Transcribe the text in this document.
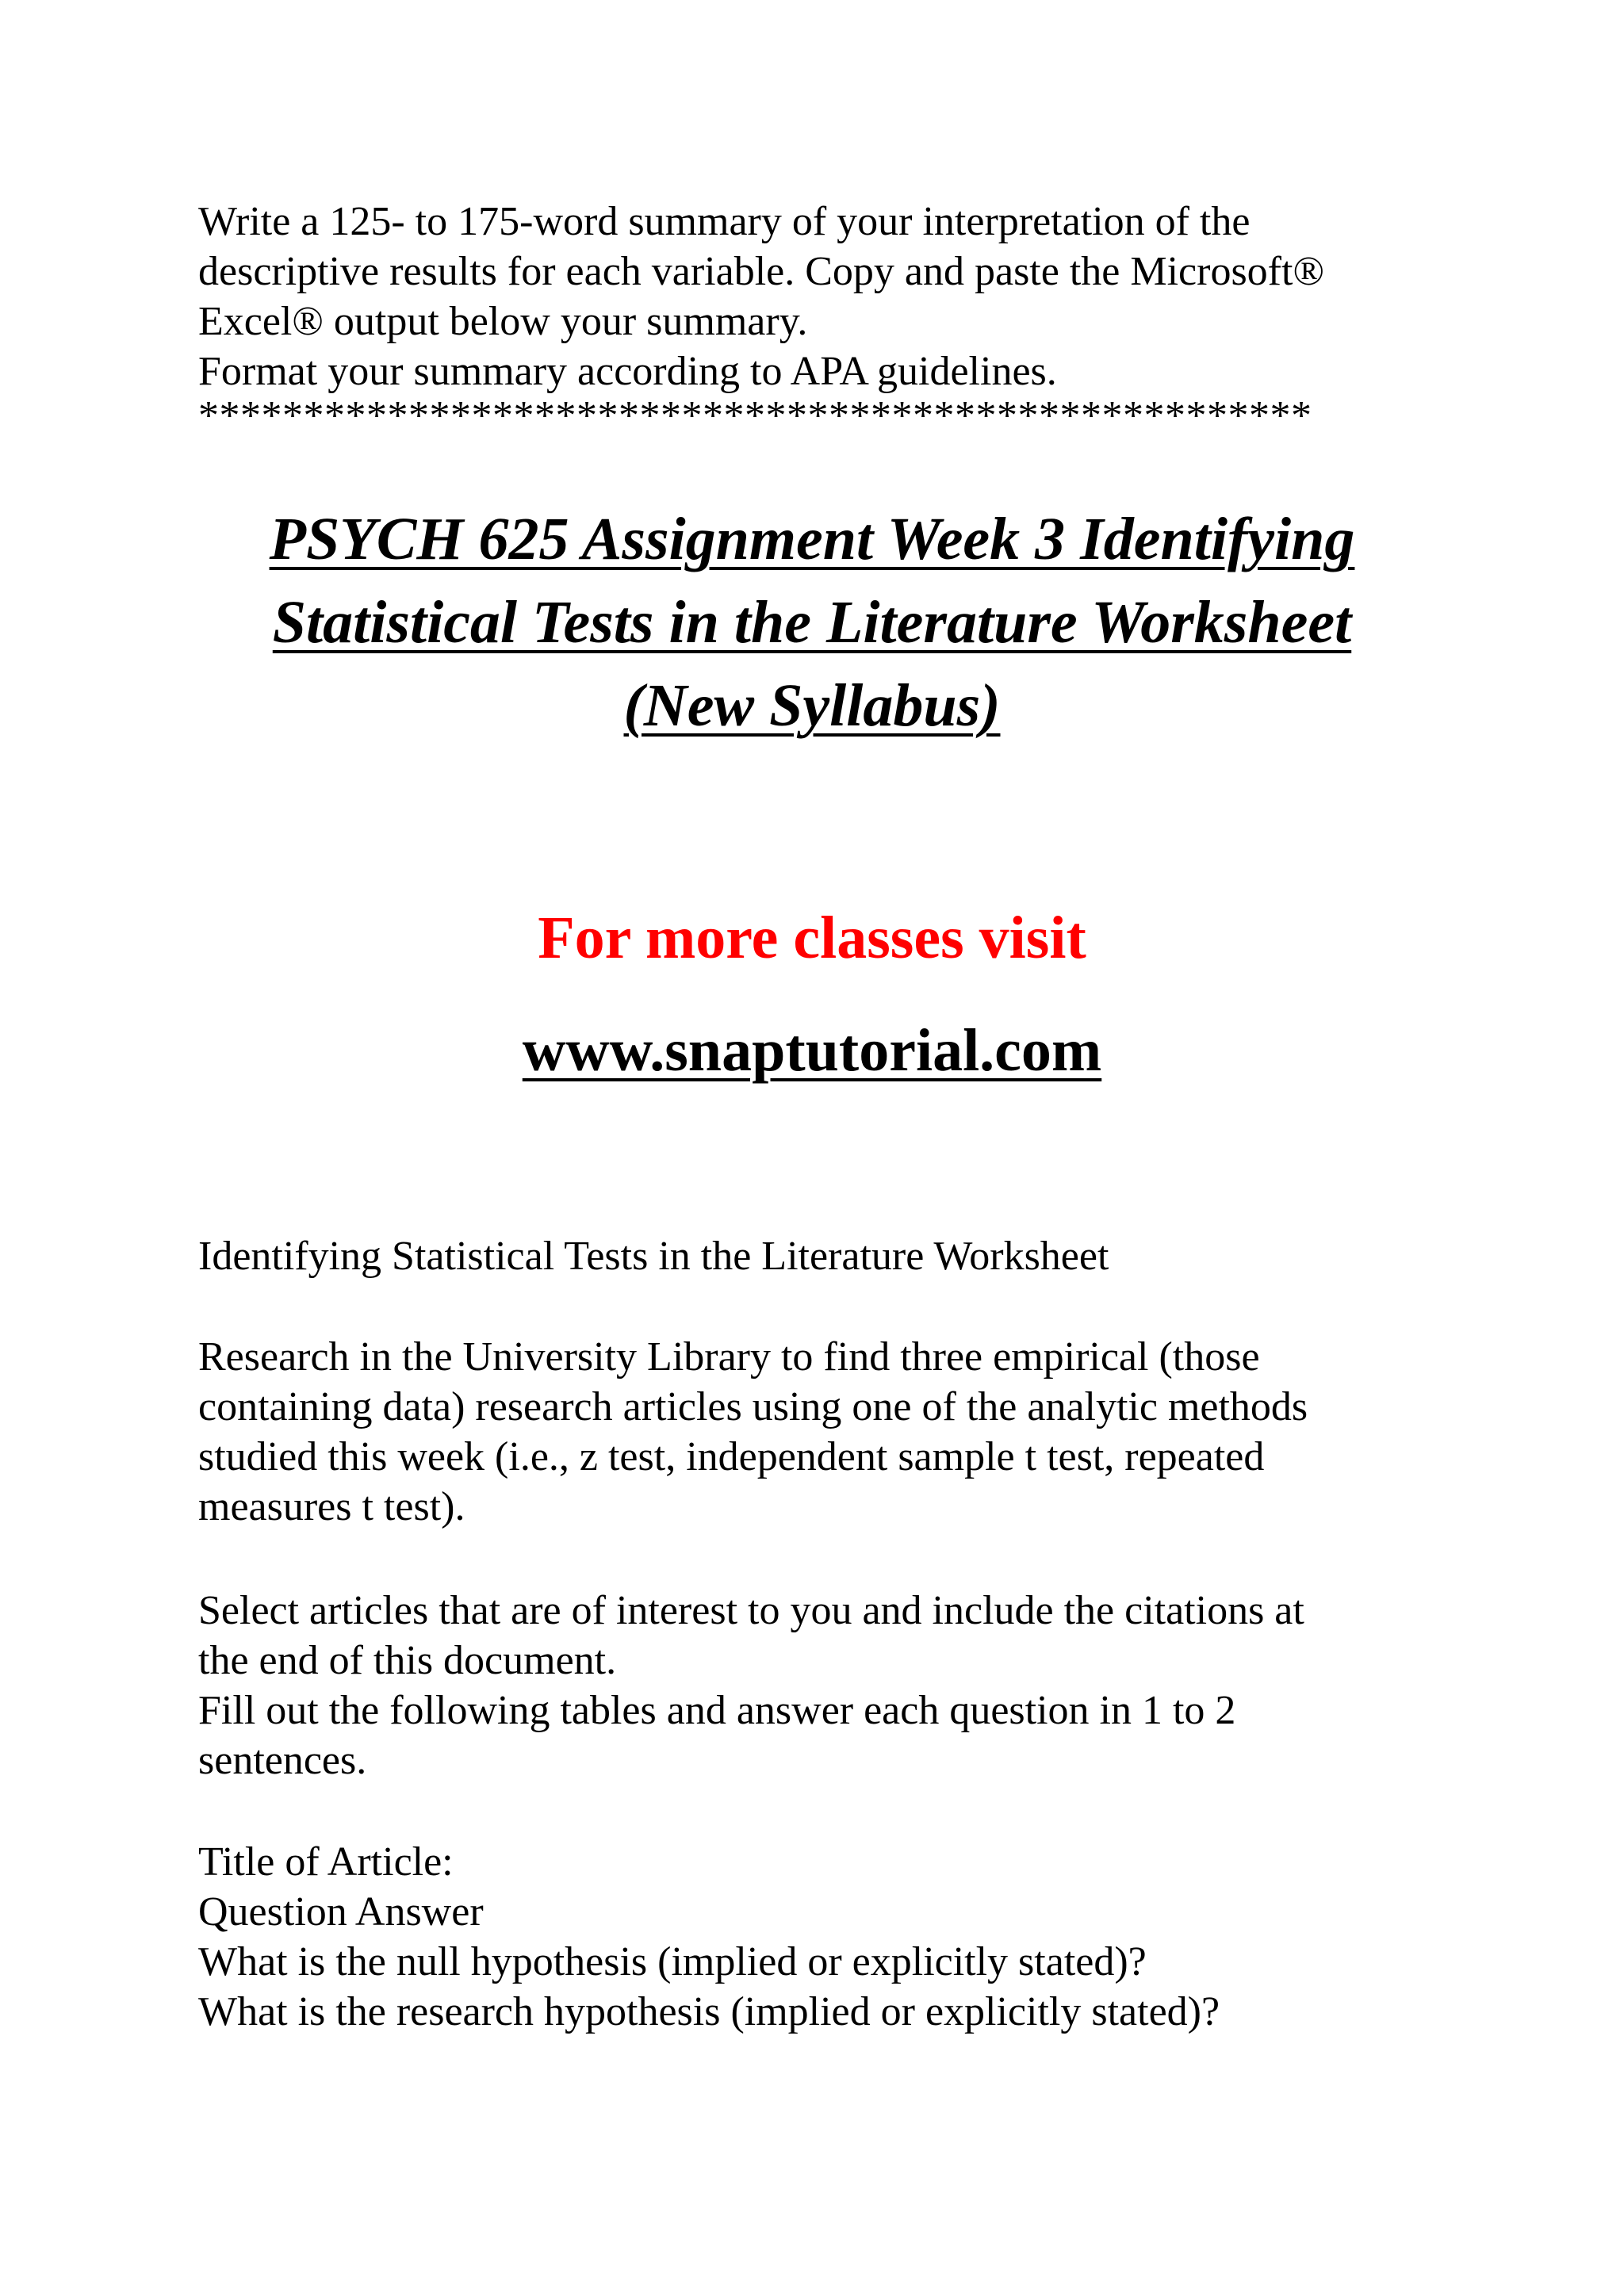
Write a 125- to 175-word summary of your interpretation of the
descriptive results for each variable. Copy and paste the Microsoft®
Excel® output below your summary.
Format your summary according to APA guidelines.
*****************************************************
PSYCH 625 Assignment Week 3 Identifying
Statistical Tests in the Literature Worksheet
(New Syllabus)
For more classes visit
www.snaptutorial.com
Identifying Statistical Tests in the Literature Worksheet
Research in the University Library to find three empirical (those
containing data) research articles using one of the analytic methods
studied this week (i.e., z test, independent sample t test, repeated
measures t test).
Select articles that are of interest to you and include the citations at
the end of this document.
Fill out the following tables and answer each question in 1 to 2
sentences.
Title of Article:
Question Answer
What is the null hypothesis (implied or explicitly stated)?
What is the research hypothesis (implied or explicitly stated)?
